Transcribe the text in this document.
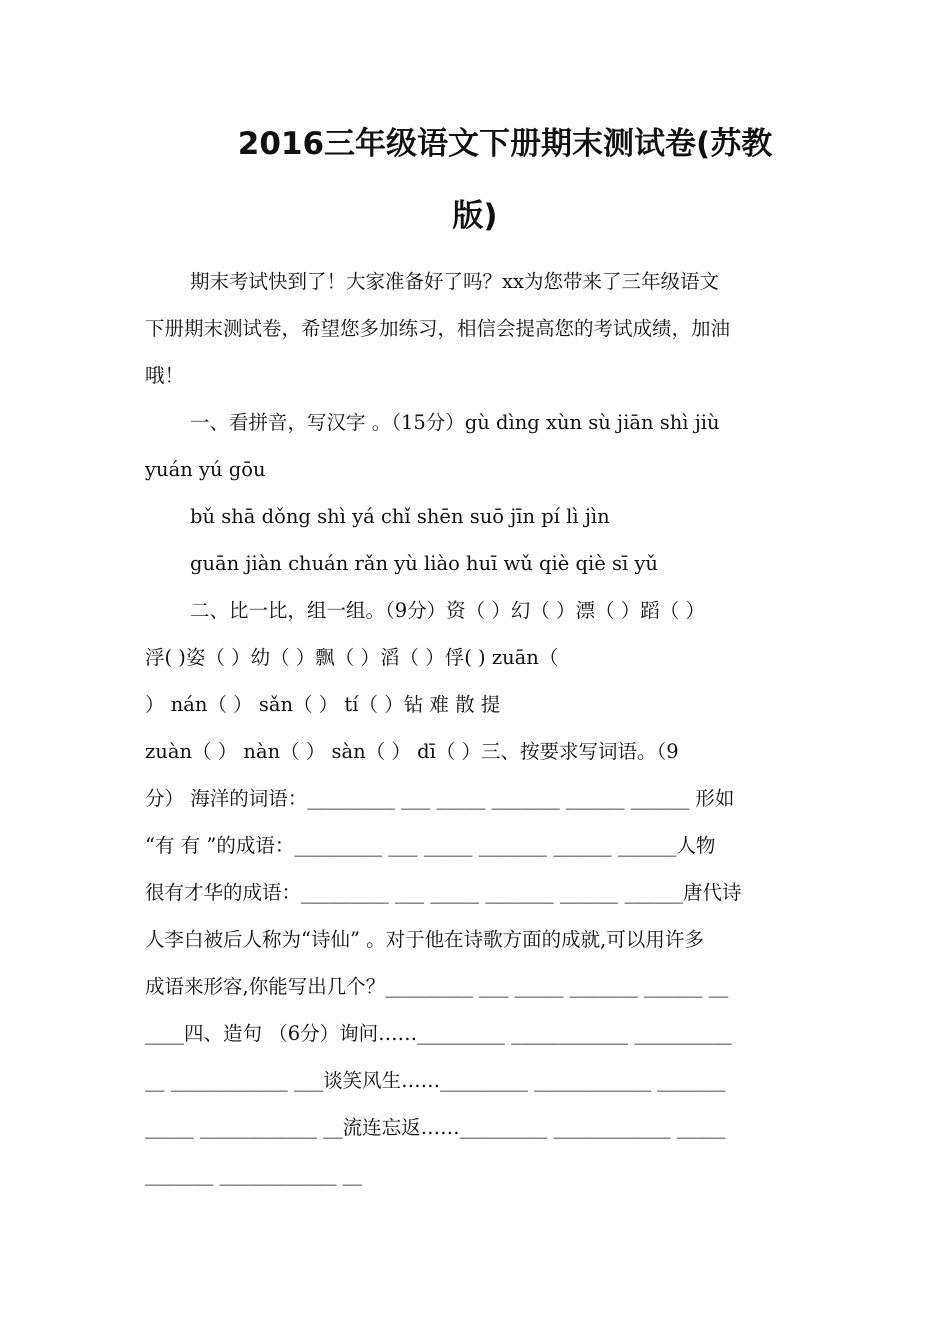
2016三年级语文下册期末测试卷(苏教
版)
期末考试快到了！大家准备好了吗？xx为您带来了三年级语文
下册期末测试卷，希望您多加练习，相信会提高您的考试成绩，加油
哦！
一、看拼音，写汉字 。（15分）gù dìng xùn sù jiān shì jiù
yuán yú gōu
bǔ shā dǒng shì yá chǐ shēn suō jīn pí lì jìn
guān jiàn chuán rǎn yù liào huī wǔ qiè qiè sī yǔ
二、比一比，组一组。（9分）资（ ）幻（ ）漂（ ）蹈（ ）
浮( )姿（ ）幼（ ）飘（ ）滔（ ）俘( ) zuān（
） nán（ ） sǎn（ ） tí（ ）钻 难 散 提
zuàn（ ） nàn（ ） sàn（ ） dī（ ）三、按要求写词语。（9
分） 海洋的词语：_________ ___ _____ _______ ______ ______ 形如
“有 有 ”的成语：_________ ___ _____ _______ ______ ______人物
很有才华的成语：_________ ___ _____ _______ ______ ______唐代诗
人李白被后人称为“诗仙” 。对于他在诗歌方面的成就,可以用许多
成语来形容,你能写出几个？_________ ___ _____ _______ ______ __
____四、造句 （6分）询问……_________ ____________ __________
__ ____________ ___谈笑风生……_________ ____________ _______
_____ ____________ __流连忘返……_________ ____________ _____
_______ ____________ __
